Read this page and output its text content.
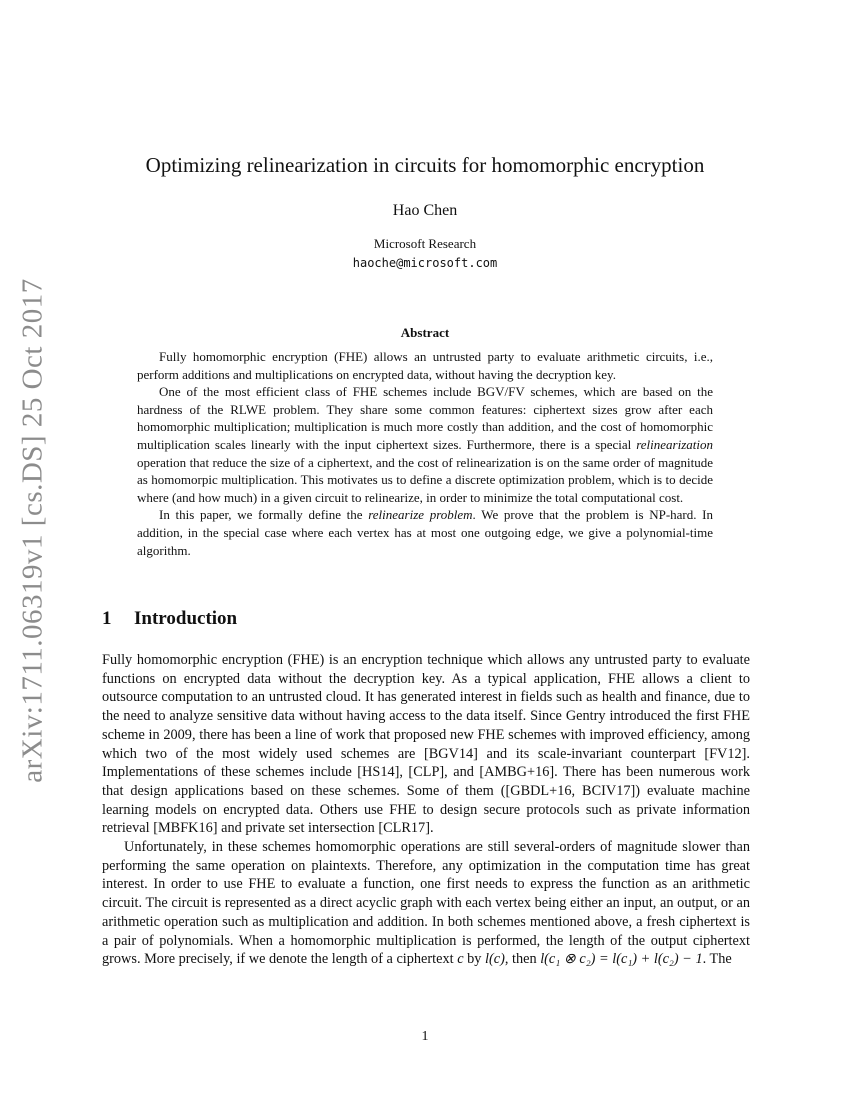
arXiv:1711.06319v1 [cs.DS] 25 Oct 2017
Optimizing relinearization in circuits for homomorphic encryption
Hao Chen
Microsoft Research
haoche@microsoft.com
Abstract

Fully homomorphic encryption (FHE) allows an untrusted party to evaluate arithmetic circuits, i.e., perform additions and multiplications on encrypted data, without having the decryption key.

One of the most efficient class of FHE schemes include BGV/FV schemes, which are based on the hardness of the RLWE problem. They share some common features: ciphertext sizes grow after each homomorphic multiplication; multiplication is much more costly than addition, and the cost of homomorphic multiplication scales linearly with the input ciphertext sizes. Furthermore, there is a special relinearization operation that reduce the size of a ciphertext, and the cost of relinearization is on the same order of magnitude as homomorpic multiplication. This motivates us to define a discrete optimization problem, which is to decide where (and how much) in a given circuit to relinearize, in order to minimize the total computational cost.

In this paper, we formally define the relinearize problem. We prove that the problem is NP-hard. In addition, in the special case where each vertex has at most one outgoing edge, we give a polynomial-time algorithm.

1 Introduction

Fully homomorphic encryption (FHE) is an encryption technique which allows any untrusted party to evaluate functions on encrypted data without the decryption key. As a typical application, FHE allows a client to outsource computation to an untrusted cloud. It has generated interest in fields such as health and finance, due to the need to analyze sensitive data without having access to the data itself. Since Gentry introduced the first FHE scheme in 2009, there has been a line of work that proposed new FHE schemes with improved efficiency, among which two of the most widely used schemes are [BGV14] and its scale-invariant counterpart [FV12]. Implementations of these schemes include [HS14], [CLP], and [AMBG+16]. There has been numerous work that design applications based on these schemes. Some of them ([GBDL+16, BCIV17]) evaluate machine learning models on encrypted data. Others use FHE to design secure protocols such as private information retrieval [MBFK16] and private set intersection [CLR17].

Unfortunately, in these schemes homomorphic operations are still several-orders of magnitude slower than performing the same operation on plaintexts. Therefore, any optimization in the computation time has great interest. In order to use FHE to evaluate a function, one first needs to express the function as an arithmetic circuit. The circuit is represented as a direct acyclic graph with each vertex being either an input, an output, or an arithmetic operation such as multiplication and addition. In both schemes mentioned above, a fresh ciphertext is a pair of polynomials. When a homomorphic multiplication is performed, the length of the output ciphertext grows. More precisely, if we denote the length of a ciphertext c by l(c), then l(c₁ ⊗ c₂) = l(c₁) + l(c₂) − 1. The

1
